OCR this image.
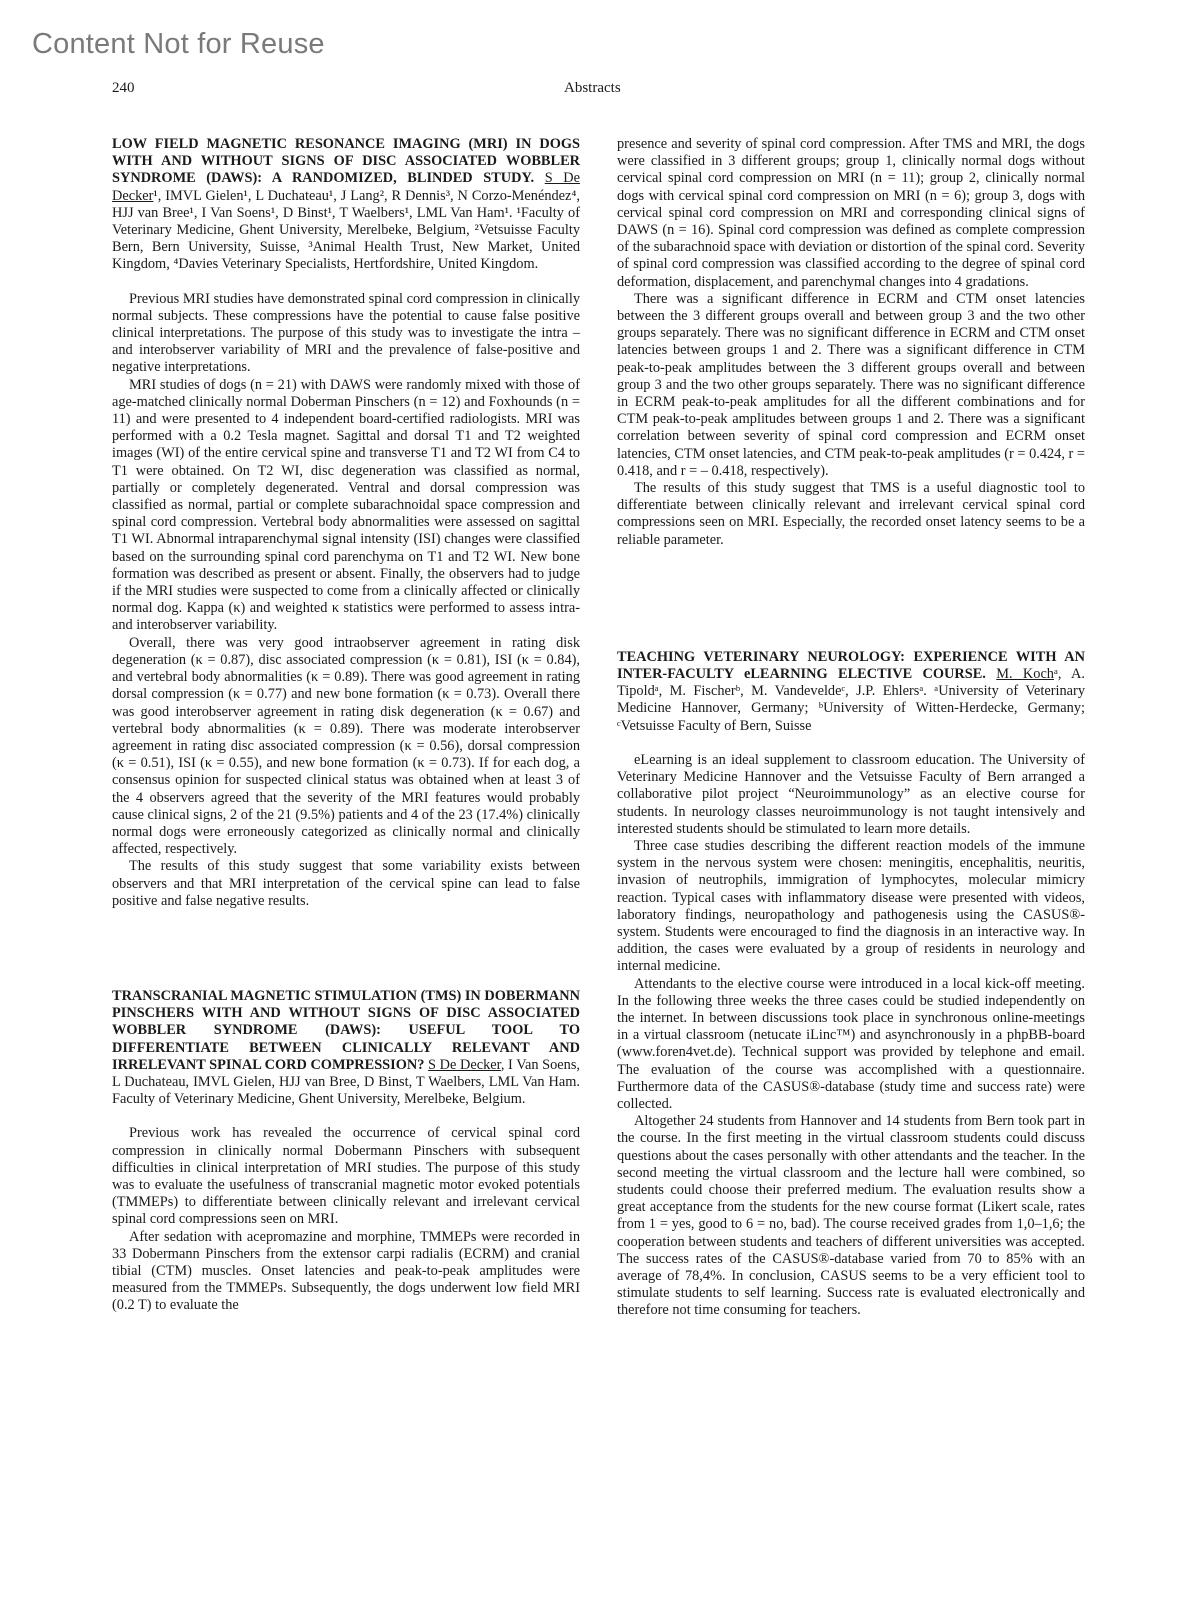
Content Not for Reuse
240	Abstracts

LOW FIELD MAGNETIC RESONANCE IMAGING (MRI) IN DOGS WITH AND WITHOUT SIGNS OF DISC ASSOCIATED WOBBLER SYNDROME (DAWS): A RANDOMIZED, BLINDED STUDY. S De Decker¹, IMVL Gielen¹, L Duchateau¹, J Lang², R Dennis³, N Corzo-Menéndez⁴, HJJ van Bree¹, I Van Soens¹, D Binst¹, T Waelbers¹, LML Van Ham¹. ¹Faculty of Veterinary Medicine, Ghent University, Merelbeke, Belgium, ²Vetsuisse Faculty Bern, Bern University, Suisse, ³Animal Health Trust, New Market, United Kingdom, ⁴Davies Veterinary Specialists, Hertfordshire, United Kingdom.

Previous MRI studies have demonstrated spinal cord compression in clinically normal subjects. These compressions have the potential to cause false positive clinical interpretations. The purpose of this study was to investigate the intra –and interobserver variability of MRI and the prevalence of false-positive and negative interpretations.

MRI studies of dogs (n = 21) with DAWS were randomly mixed with those of age-matched clinically normal Doberman Pinschers (n = 12) and Foxhounds (n = 11) and were presented to 4 independent board-certified radiologists. MRI was performed with a 0.2 Tesla magnet. Sagittal and dorsal T1 and T2 weighted images (WI) of the entire cervical spine and transverse T1 and T2 WI from C4 to T1 were obtained. On T2 WI, disc degeneration was classified as normal, partially or completely degenerated. Ventral and dorsal compression was classified as normal, partial or complete subarachnoidal space compression and spinal cord compression. Vertebral body abnormalities were assessed on sagittal T1 WI. Abnormal intraparenchymal signal intensity (ISI) changes were classified based on the surrounding spinal cord parenchyma on T1 and T2 WI. New bone formation was described as present or absent. Finally, the observers had to judge if the MRI studies were suspected to come from a clinically affected or clinically normal dog. Kappa (κ) and weighted κ statistics were performed to assess intra- and interobserver variability.

Overall, there was very good intraobserver agreement in rating disk degeneration (κ = 0.87), disc associated compression (κ = 0.81), ISI (κ = 0.84), and vertebral body abnormalities (κ = 0.89). There was good agreement in rating dorsal compression (κ = 0.77) and new bone formation (κ = 0.73). Overall there was good interobserver agreement in rating disk degeneration (κ = 0.67) and vertebral body abnormalities (κ = 0.89). There was moderate interobserver agreement in rating disc associated compression (κ = 0.56), dorsal compression (κ = 0.51), ISI (κ = 0.55), and new bone formation (κ = 0.73). If for each dog, a consensus opinion for suspected clinical status was obtained when at least 3 of the 4 observers agreed that the severity of the MRI features would probably cause clinical signs, 2 of the 21 (9.5%) patients and 4 of the 23 (17.4%) clinically normal dogs were erroneously categorized as clinically normal and clinically affected, respectively.

The results of this study suggest that some variability exists between observers and that MRI interpretation of the cervical spine can lead to false positive and false negative results.

TRANSCRANIAL MAGNETIC STIMULATION (TMS) IN DOBERMANN PINSCHERS WITH AND WITHOUT SIGNS OF DISC ASSOCIATED WOBBLER SYNDROME (DAWS): USEFUL TOOL TO DIFFERENTIATE BETWEEN CLINICALLY RELEVANT AND IRRELEVANT SPINAL CORD COMPRESSION? S De Decker, I Van Soens, L Duchateau, IMVL Gielen, HJJ van Bree, D Binst, T Waelbers, LML Van Ham. Faculty of Veterinary Medicine, Ghent University, Merelbeke, Belgium.

Previous work has revealed the occurrence of cervical spinal cord compression in clinically normal Dobermann Pinschers with subsequent difficulties in clinical interpretation of MRI studies. The purpose of this study was to evaluate the usefulness of transcranial magnetic motor evoked potentials (TMMEPs) to differentiate between clinically relevant and irrelevant cervical spinal cord compressions seen on MRI.

After sedation with acepromazine and morphine, TMMEPs were recorded in 33 Dobermann Pinschers from the extensor carpi radialis (ECRM) and cranial tibial (CTM) muscles. Onset latencies and peak-to-peak amplitudes were measured from the TMMEPs. Subsequently, the dogs underwent low field MRI (0.2 T) to evaluate the

presence and severity of spinal cord compression. After TMS and MRI, the dogs were classified in 3 different groups; group 1, clinically normal dogs without cervical spinal cord compression on MRI (n = 11); group 2, clinically normal dogs with cervical spinal cord compression on MRI (n = 6); group 3, dogs with cervical spinal cord compression on MRI and corresponding clinical signs of DAWS (n = 16). Spinal cord compression was defined as complete compression of the subarachnoid space with deviation or distortion of the spinal cord. Severity of spinal cord compression was classified according to the degree of spinal cord deformation, displacement, and parenchymal changes into 4 gradations.

There was a significant difference in ECRM and CTM onset latencies between the 3 different groups overall and between group 3 and the two other groups separately. There was no significant difference in ECRM and CTM onset latencies between groups 1 and 2. There was a significant difference in CTM peak-to-peak amplitudes between the 3 different groups overall and between group 3 and the two other groups separately. There was no significant difference in ECRM peak-to-peak amplitudes for all the different combinations and for CTM peak-to-peak amplitudes between groups 1 and 2. There was a significant correlation between severity of spinal cord compression and ECRM onset latencies, CTM onset latencies, and CTM peak-to-peak amplitudes (r = 0.424, r = 0.418, and r = – 0.418, respectively).

The results of this study suggest that TMS is a useful diagnostic tool to differentiate between clinically relevant and irrelevant cervical spinal cord compressions seen on MRI. Especially, the recorded onset latency seems to be a reliable parameter.

TEACHING VETERINARY NEUROLOGY: EXPERIENCE WITH AN INTER-FACULTY eLEARNING ELECTIVE COURSE. M. Kochᵃ, A. Tipoldᵃ, M. Fischerᵇ, M. Vandeveldeᶜ, J.P. Ehlersᵃ. ᵃUniversity of Veterinary Medicine Hannover, Germany; ᵇUniversity of Witten-Herdecke, Germany; ᶜVetsuisse Faculty of Bern, Suisse

eLearning is an ideal supplement to classroom education. The University of Veterinary Medicine Hannover and the Vetsuisse Faculty of Bern arranged a collaborative pilot project “Neuroimmunology” as an elective course for students. In neurology classes neuroimmunology is not taught intensively and interested students should be stimulated to learn more details.

Three case studies describing the different reaction models of the immune system in the nervous system were chosen: meningitis, encephalitis, neuritis, invasion of neutrophils, immigration of lymphocytes, molecular mimicry reaction. Typical cases with inflammatory disease were presented with videos, laboratory findings, neuropathology and pathogenesis using the CASUS®-system. Students were encouraged to find the diagnosis in an interactive way. In addition, the cases were evaluated by a group of residents in neurology and internal medicine.

Attendants to the elective course were introduced in a local kick-off meeting. In the following three weeks the three cases could be studied independently on the internet. In between discussions took place in synchronous online-meetings in a virtual classroom (netucate iLinc™) and asynchronously in a phpBB-board (www.foren4vet.de). Technical support was provided by telephone and email. The evaluation of the course was accomplished with a questionnaire. Furthermore data of the CASUS®-database (study time and success rate) were collected.

Altogether 24 students from Hannover and 14 students from Bern took part in the course. In the first meeting in the virtual classroom students could discuss questions about the cases personally with other attendants and the teacher. In the second meeting the virtual classroom and the lecture hall were combined, so students could choose their preferred medium. The evaluation results show a great acceptance from the students for the new course format (Likert scale, rates from 1 = yes, good to 6 = no, bad). The course received grades from 1,0–1,6; the cooperation between students and teachers of different universities was accepted. The success rates of the CASUS®-database varied from 70 to 85% with an average of 78,4%. In conclusion, CASUS seems to be a very efficient tool to stimulate students to self learning. Success rate is evaluated electronically and therefore not time consuming for teachers.
